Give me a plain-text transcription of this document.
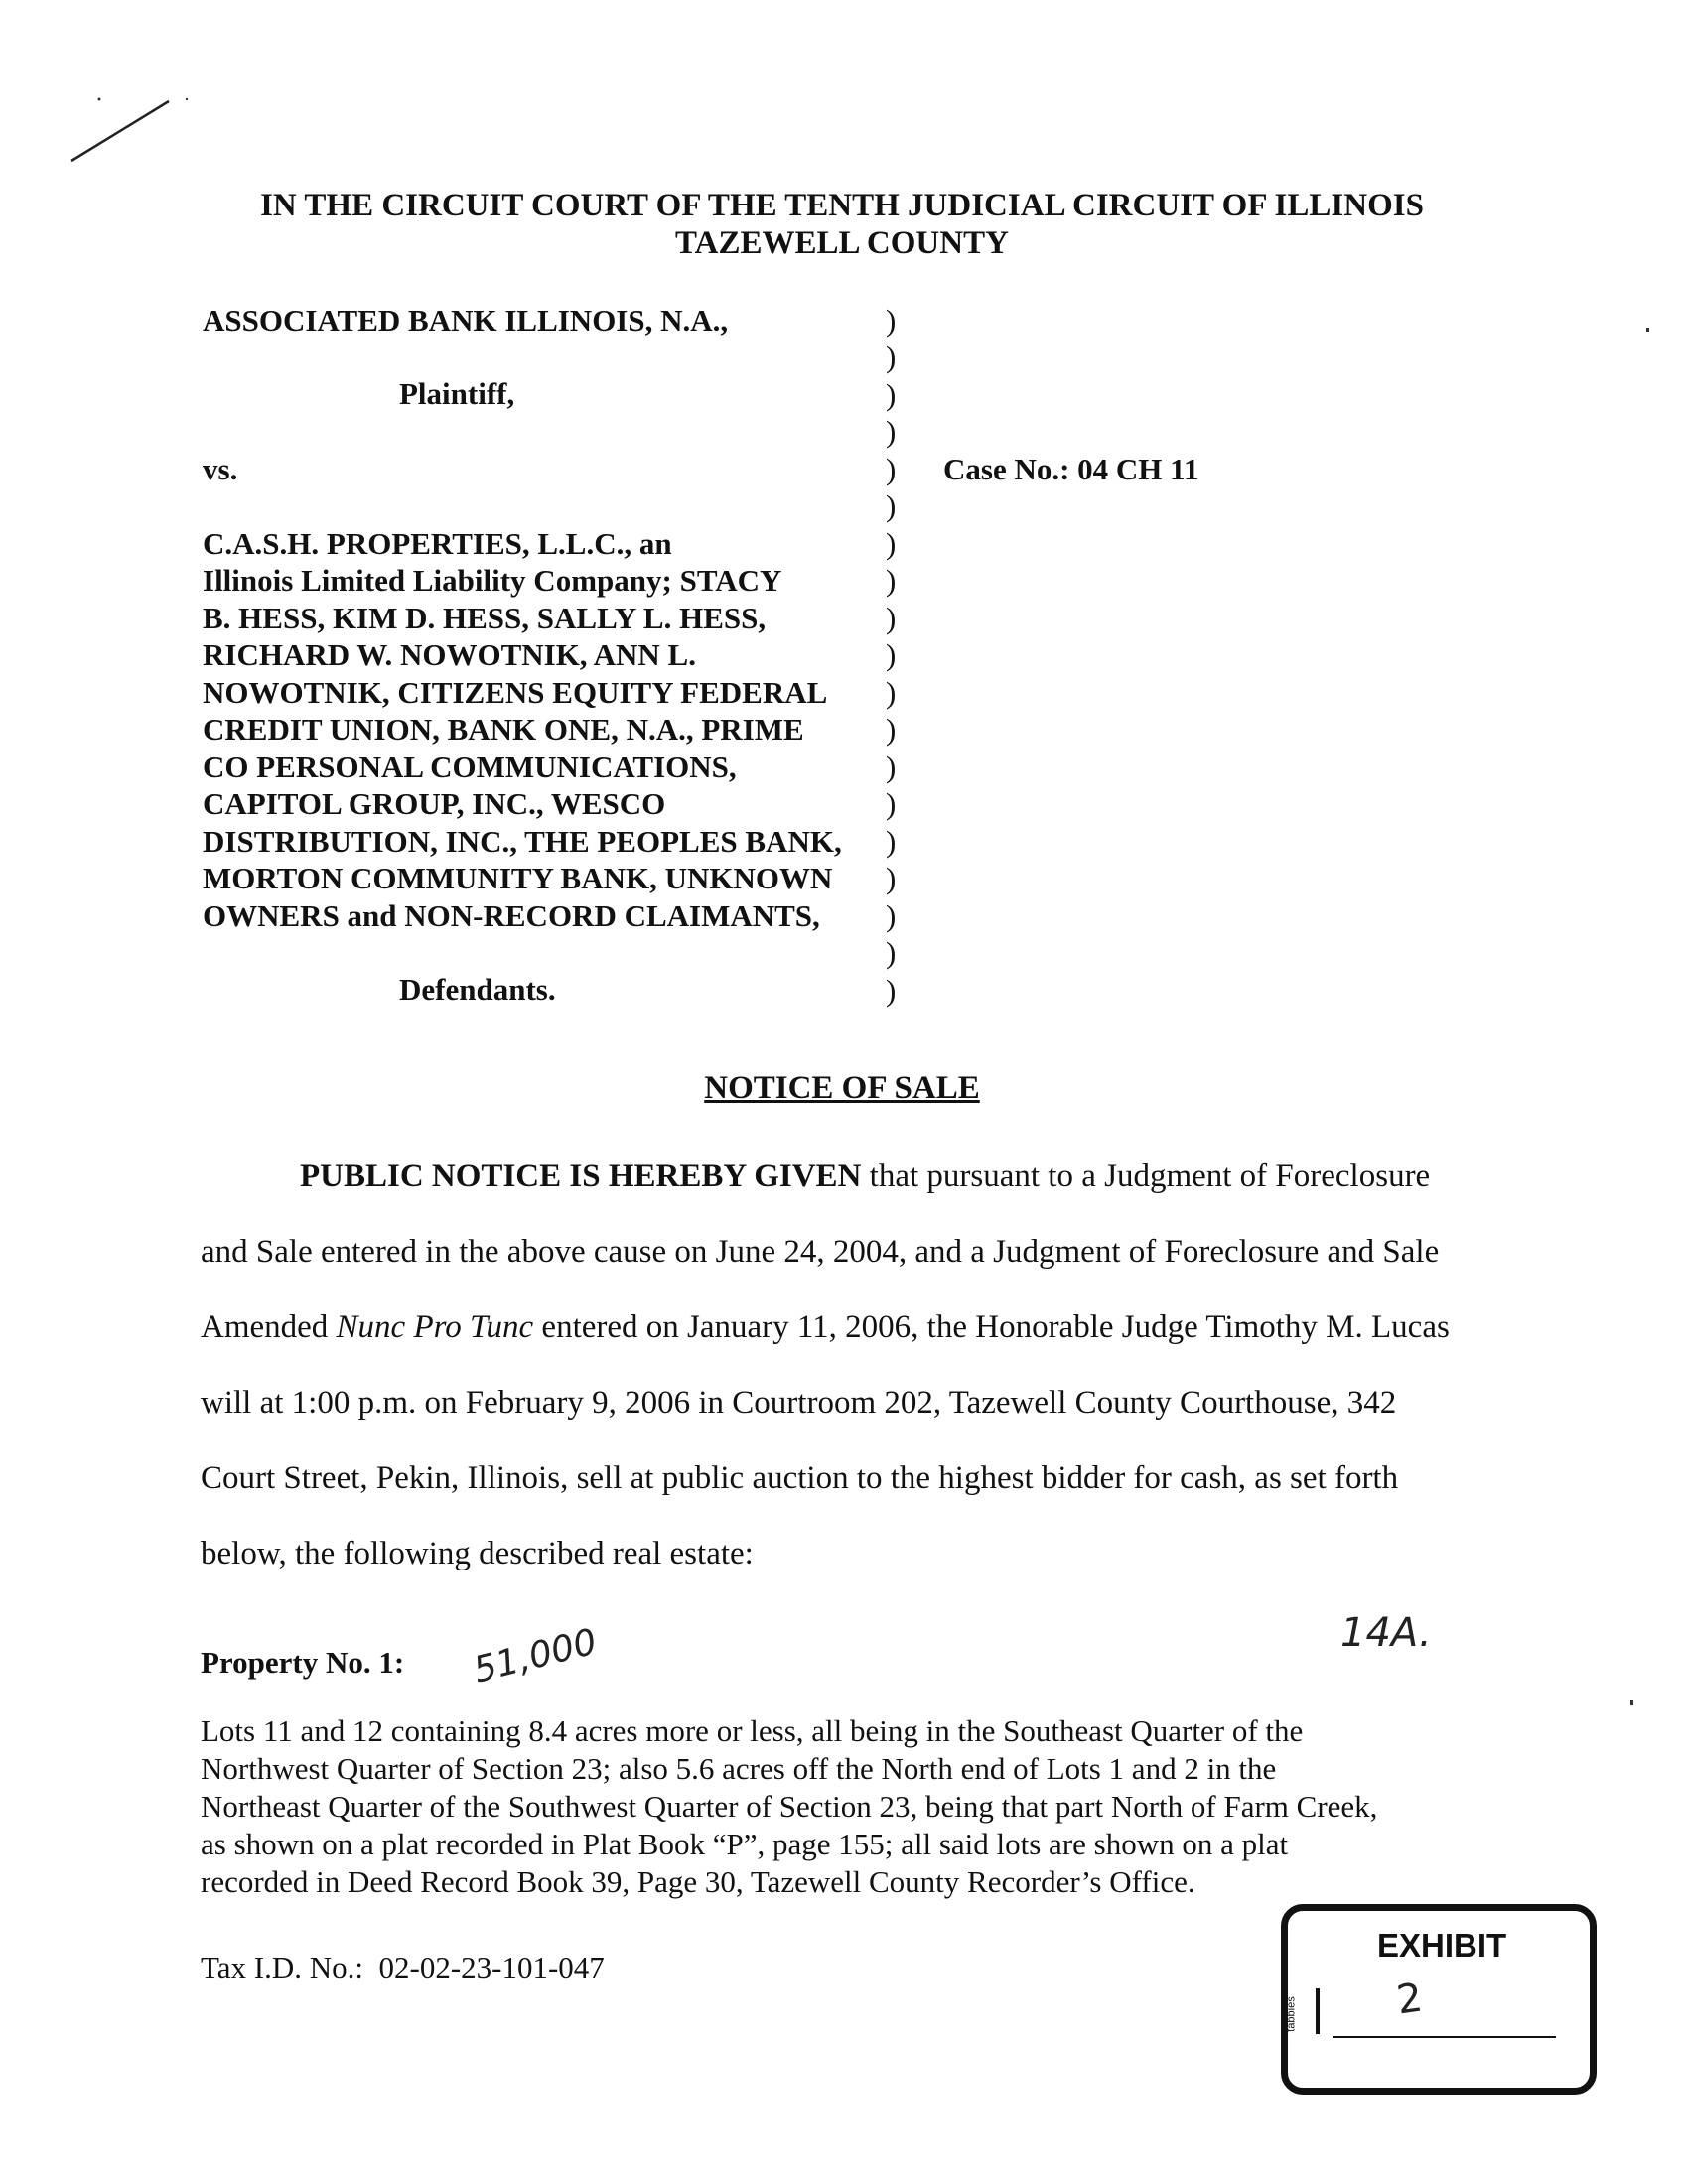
IN THE CIRCUIT COURT OF THE TENTH JUDICIAL CIRCUIT OF ILLINOIS
TAZEWELL COUNTY
ASSOCIATED BANK ILLINOIS, N.A.,
Plaintiff,
vs.
C.A.S.H. PROPERTIES, L.L.C., an
Illinois Limited Liability Company; STACY
B. HESS, KIM D. HESS, SALLY L. HESS,
RICHARD W. NOWOTNIK, ANN L.
NOWOTNIK, CITIZENS EQUITY FEDERAL
CREDIT UNION, BANK ONE, N.A., PRIME
CO PERSONAL COMMUNICATIONS,
CAPITOL GROUP, INC., WESCO
DISTRIBUTION, INC., THE PEOPLES BANK,
MORTON COMMUNITY BANK, UNKNOWN
OWNERS and NON-RECORD CLAIMANTS,
Defendants.
)
)
)
)
)
)
)
)
)
)
)
)
)
)
)
)
)
)
)
Case No.: 04 CH 11
NOTICE OF SALE
PUBLIC NOTICE IS HEREBY GIVEN that pursuant to a Judgment of Foreclosure
and Sale entered in the above cause on June 24, 2004, and a Judgment of Foreclosure and Sale
Amended Nunc Pro Tunc entered on January 11, 2006, the Honorable Judge Timothy M. Lucas
will at 1:00 p.m. on February 9, 2006 in Courtroom 202, Tazewell County Courthouse, 342
Court Street, Pekin, Illinois, sell at public auction to the highest bidder for cash, as set forth
below, the following described real estate:
Property No. 1: 51,000	14A.
Lots 11 and 12 containing 8.4 acres more or less, all being in the Southeast Quarter of the
Northwest Quarter of Section 23; also 5.6 acres off the North end of Lots 1 and 2 in the
Northeast Quarter of the Southwest Quarter of Section 23, being that part North of Farm Creek,
as shown on a plat recorded in Plat Book “P”, page 155; all said lots are shown on a plat
recorded in Deed Record Book 39, Page 30, Tazewell County Recorder’s Office.
Tax I.D. No.:  02-02-23-101-047
EXHIBIT
tabbies 2
